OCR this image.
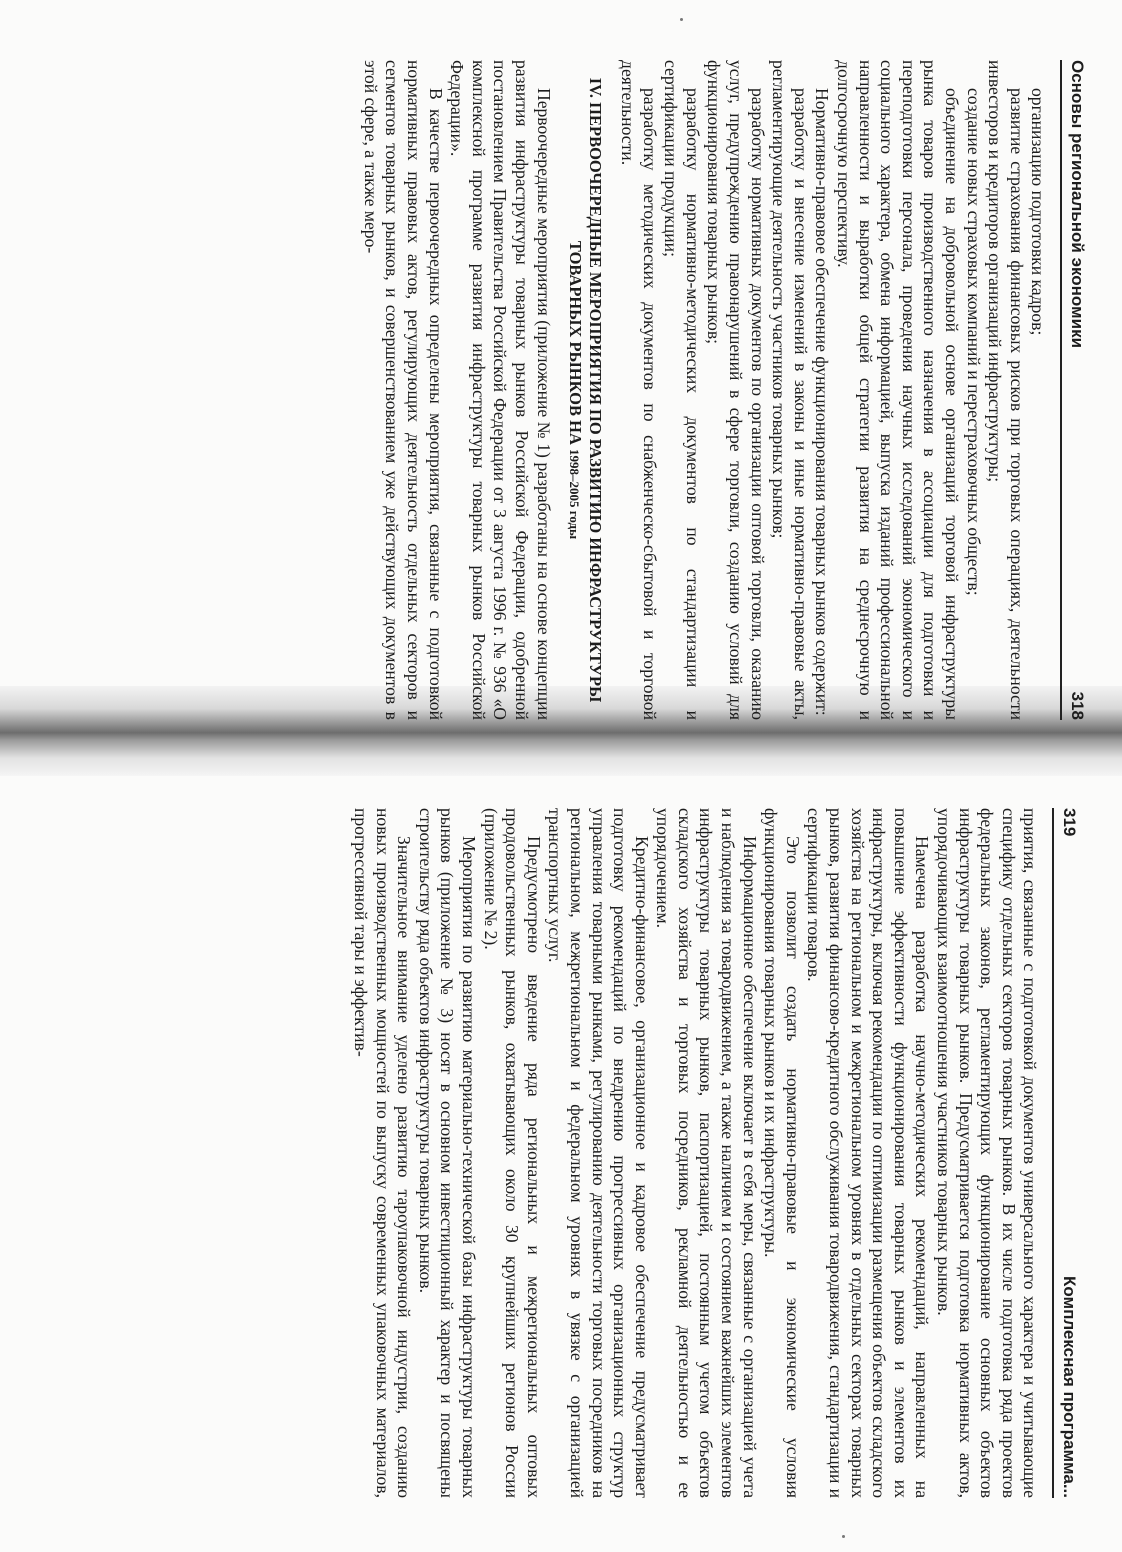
Основы региональной экономики
318

организацию подготовки кадров;

развитие страхования финансовых рисков при торговых операциях, деятельности инвесторов и кредиторов организаций инфраструктуры;

создание новых страховых компаний и перестраховочных обществ;

объединение на добровольной основе организаций торговой инфраструктуры рынка товаров производственного назначения в ассоциации для подготовки и переподготовки персонала, проведения научных исследований экономического и социального характера, обмена информацией, выпуска изданий профессиональной направленности и выработки общей стратегии развития на среднесрочную и долгосрочную перспективу.

Нормативно-правовое обеспечение функционирования товарных рынков содержит:

разработку и внесение изменений в законы и иные нормативно-правовые акты, регламентирующие деятельность участников товарных рынков;

разработку нормативных документов по организации оптовой торговли, оказанию услуг, предупреждению правонарушений в сфере торговли, созданию условий для функционирования товарных рынков;

разработку нормативно-методических документов по стандартизации и сертификации продукции;

разработку методических документов по снабженческо-сбытовой и торговой деятельности.

IV. ПЕРВООЧЕРЕДНЫЕ МЕРОПРИЯТИЯ ПО РАЗВИТИЮ ИНФРАСТРУКТУРЫ ТОВАРНЫХ РЫНКОВ НА 1998–2005 годы

Первоочередные мероприятия (приложение № 1) разработаны на основе концепции развития инфраструктуры товарных рынков Российской Федерации, одобренной постановлением Правительства Российской Федерации от 3 августа 1996 г. № 936 «О комплексной программе развития инфраструктуры товарных рынков Российской Федерации».

В качестве первоочередных определены мероприятия, связанные с подготовкой нормативных правовых актов, регулирующих деятельность отдельных секторов и сегментов товарных рынков, и совершенствованием уже действующих документов в этой сфере, а также меро-

319
Комплексная программа...

приятия, связанные с подготовкой документов универсального характера и учитывающие специфику отдельных секторов товарных рынков. В их числе подготовка ряда проектов федеральных законов, регламентирующих функционирование основных объектов инфраструктуры товарных рынков. Предусматривается подготовка нормативных актов, упорядочивающих взаимоотношения участников товарных рынков.

Намечена разработка научно-методических рекомендаций, направленных на повышение эффективности функционирования товарных рынков и элементов их инфраструктуры, включая рекомендации по оптимизации размещения объектов складского хозяйства на региональном и межрегиональном уровнях в отдельных секторах товарных рынков, развития финансово-кредитного обслуживания товародвижения, стандартизации и сертификации товаров.

Это позволит создать нормативно-правовые и экономические условия функционирования товарных рынков и их инфраструктуры.

Информационное обеспечение включает в себя меры, связанные с организацией учета и наблюдения за товародвижением, а также наличием и состоянием важнейших элементов инфраструктуры товарных рынков, паспортизацией, постоянным учетом объектов складского хозяйства и торговых посредников, рекламной деятельностью и ее упорядочением.

Кредитно-финансовое, организационное и кадровое обеспечение предусматривает подготовку рекомендаций по внедрению прогрессивных организационных структур управления товарными рынками, регулированию деятельности торговых посредников на региональном, межрегиональном и федеральном уровнях в увязке с организацией транспортных услуг.

Предусмотрено введение ряда региональных и межрегиональных оптовых продовольственных рынков, охватывающих около 30 крупнейших регионов России (приложение № 2).

Мероприятия по развитию материально-технической базы инфраструктуры товарных рынков (приложение № 3) носят в основном инвестиционный характер и посвящены строительству ряда объектов инфраструктуры товарных рынков.

Значительное внимание уделено развитию тароупаковочной индустрии, созданию новых производственных мощностей по выпуску современных упаковочных материалов, прогрессивной тары и эффектив-
